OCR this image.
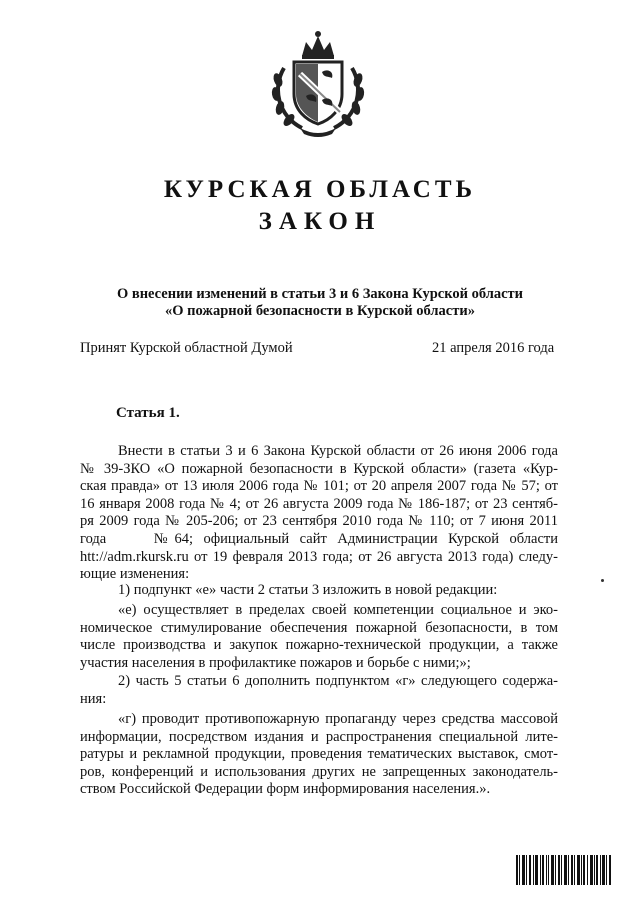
КУРСКАЯ ОБЛАСТЬ
ЗАКОН
О внесении изменений в статьи 3 и 6 Закона Курской области
«О пожарной безопасности в Курской области»
Принят Курской областной Думой	21 апреля 2016 года
Статья 1.
Внести в статьи 3 и 6 Закона Курской области от 26 июня 2006 года
№ 39-ЗКО «О пожарной безопасности в Курской области» (газета «Кур-
ская правда» от 13 июля 2006 года № 101; от 20 апреля 2007 года № 57; от
16 января 2008 года № 4; от 26 августа 2009 года № 186-187; от 23 сентяб-
ря 2009 года № 205-206; от 23 сентября 2010 года № 110; от 7 июня 2011
года         № 64;  официальный  сайт  Администрации  Курской  области
htt://adm.rkursk.ru от 19 февраля 2013 года; от 26 августа 2013 года) следу-
ющие изменения:
1) подпункт «е» части 2 статьи 3 изложить в новой редакции:
«е) осуществляет в пределах своей компетенции социальное и эко-
номическое стимулирование обеспечения пожарной безопасности, в том
числе производства и закупок пожарно-технической продукции, а также
участия населения в профилактике пожаров и борьбе с ними;»;
2) часть 5 статьи 6 дополнить подпунктом «г» следующего содержа-
ния:
«г) проводит противопожарную пропаганду через средства массовой
информации, посредством издания и распространения специальной лите-
ратуры и рекламной продукции, проведения тематических выставок, смот-
ров, конференций и использования других не запрещенных законодатель-
ством Российской Федерации форм информирования населения.».
